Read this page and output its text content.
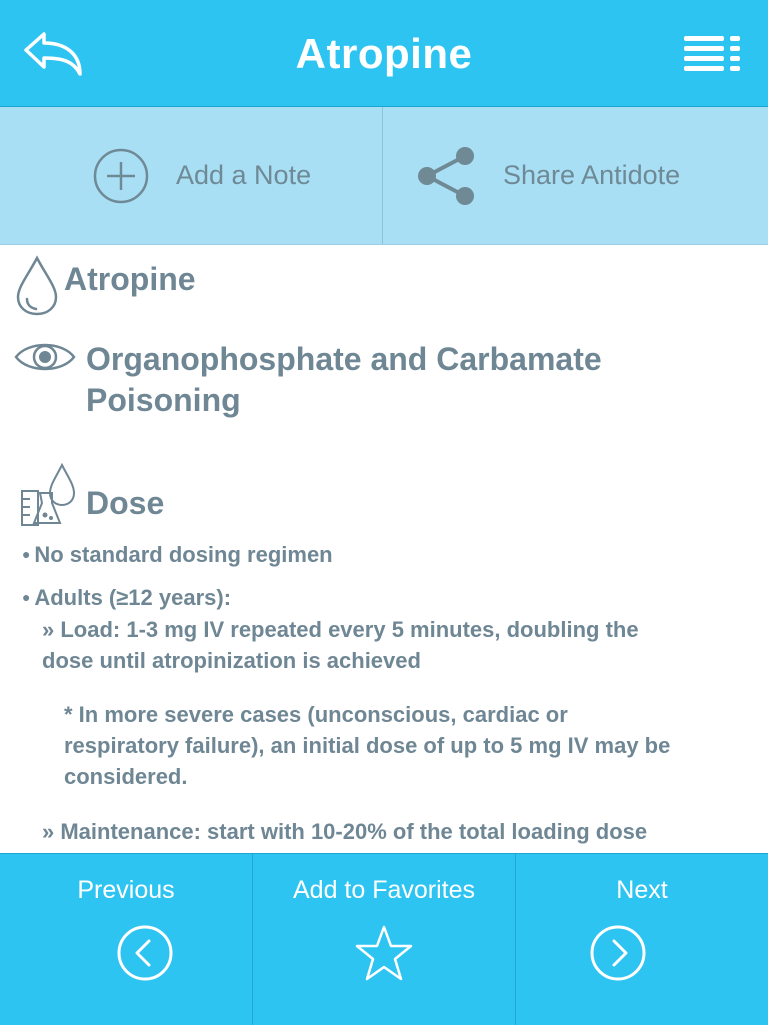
Atropine
Add a Note	Share Antidote
Atropine
Organophosphate and Carbamate Poisoning
Dose
● No standard dosing regimen
● Adults (≥12 years):
» Load: 1-3 mg IV repeated every 5 minutes, doubling the
dose until atropinization is achieved
* In more severe cases (unconscious, cardiac or
respiratory failure), an initial dose of up to 5 mg IV may be
considered.
» Maintenance: start with 10-20% of the total loading dose
Previous	Add to Favorites	Next
